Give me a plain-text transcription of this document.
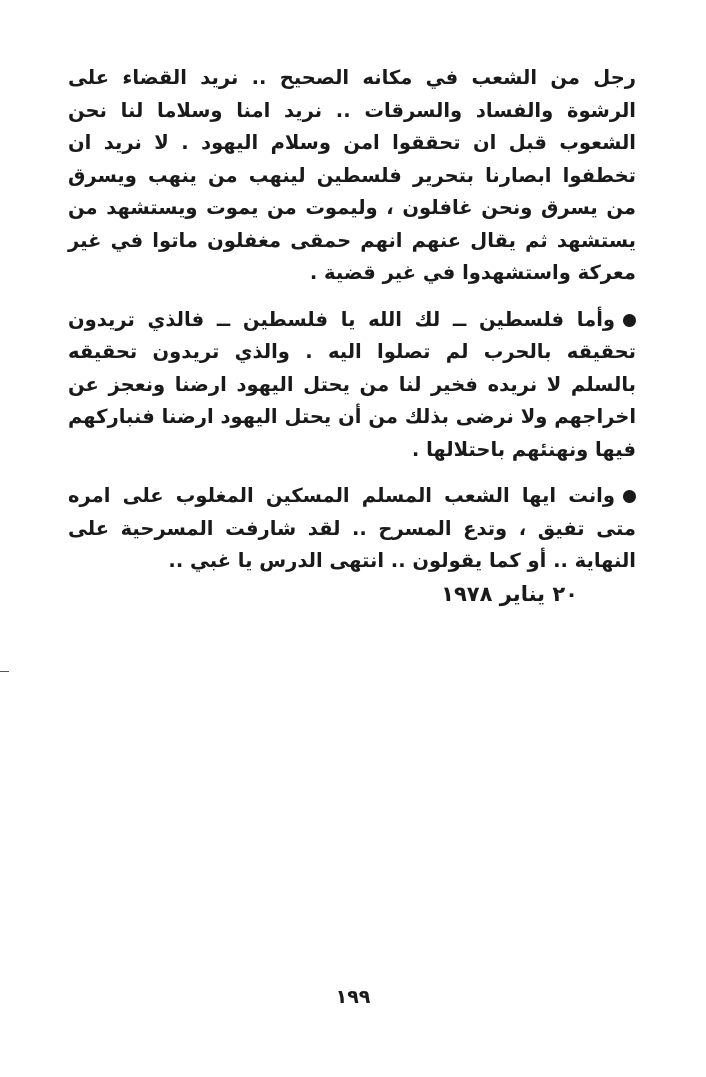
رجل من الشعب في مكانه الصحيح .. نريد القضاء على الرشوة والفساد والسرقات .. نريد امنا وسلاما لنا نحن الشعوب قبل ان تحققوا امن وسلام اليهود . لا نريد ان تخطفوا ابصارنا بتحرير فلسطين لينهب من ينهب ويسرق من يسرق ونحن غافلون ، وليموت من يموت ويستشهد من يستشهد ثم يقال عنهم انهم حمقى مغفلون ماتوا في غير معركة واستشهدوا في غير قضية .

وأما فلسطين ــ لك الله يا فلسطين ــ فالذي تريدون تحقيقه بالحرب لم تصلوا اليه . والذي تريدون تحقيقه بالسلم لا نريده فخير لنا من يحتل اليهود ارضنا ونعجز عن اخراجهم ولا نرضى بذلك من أن يحتل اليهود ارضنا فنباركهم فيها ونهنئهم باحتلالها .

وانت ايها الشعب المسلم المسكين المغلوب على امره متى تفيق ، وتدع المسرح .. لقد شارفت المسرحية على النهاية .. أو كما يقولون .. انتهى الدرس يا غبي ..

٢٠ يناير ١٩٧٨
١٩٩
